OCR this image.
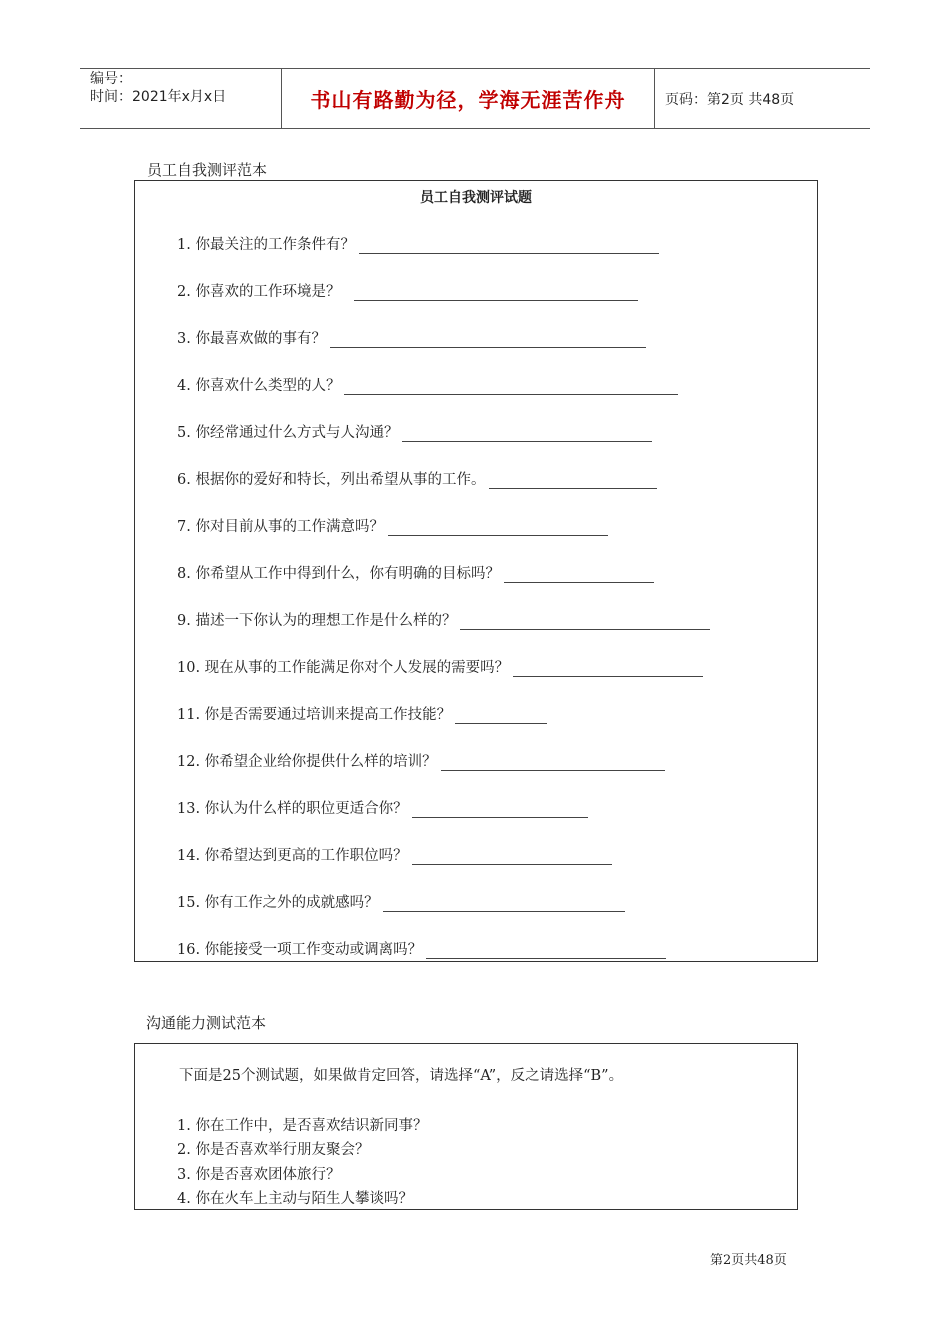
编号：
时间：2021年x月x日	书山有路勤为径，学海无涯苦作舟	页码：第2页 共48页
员工自我测评范本
员工自我测评试题
1. 你最关注的工作条件有？
2. 你喜欢的工作环境是？
3. 你最喜欢做的事有？
4. 你喜欢什么类型的人？
5. 你经常通过什么方式与人沟通？
6. 根据你的爱好和特长，列出希望从事的工作。
7. 你对目前从事的工作满意吗？
8. 你希望从工作中得到什么，你有明确的目标吗？
9. 描述一下你认为的理想工作是什么样的？
10. 现在从事的工作能满足你对个人发展的需要吗？
11. 你是否需要通过培训来提高工作技能？
12. 你希望企业给你提供什么样的培训？
13. 你认为什么样的职位更适合你？
14. 你希望达到更高的工作职位吗？
15. 你有工作之外的成就感吗？
16. 你能接受一项工作变动或调离吗？
沟通能力测试范本
下面是25个测试题，如果做肯定回答，请选择“A”，反之请选择“B”。
1. 你在工作中，是否喜欢结识新同事？
2. 你是否喜欢举行朋友聚会？
3. 你是否喜欢团体旅行？
4. 你在火车上主动与陌生人攀谈吗？
第2页共48页
